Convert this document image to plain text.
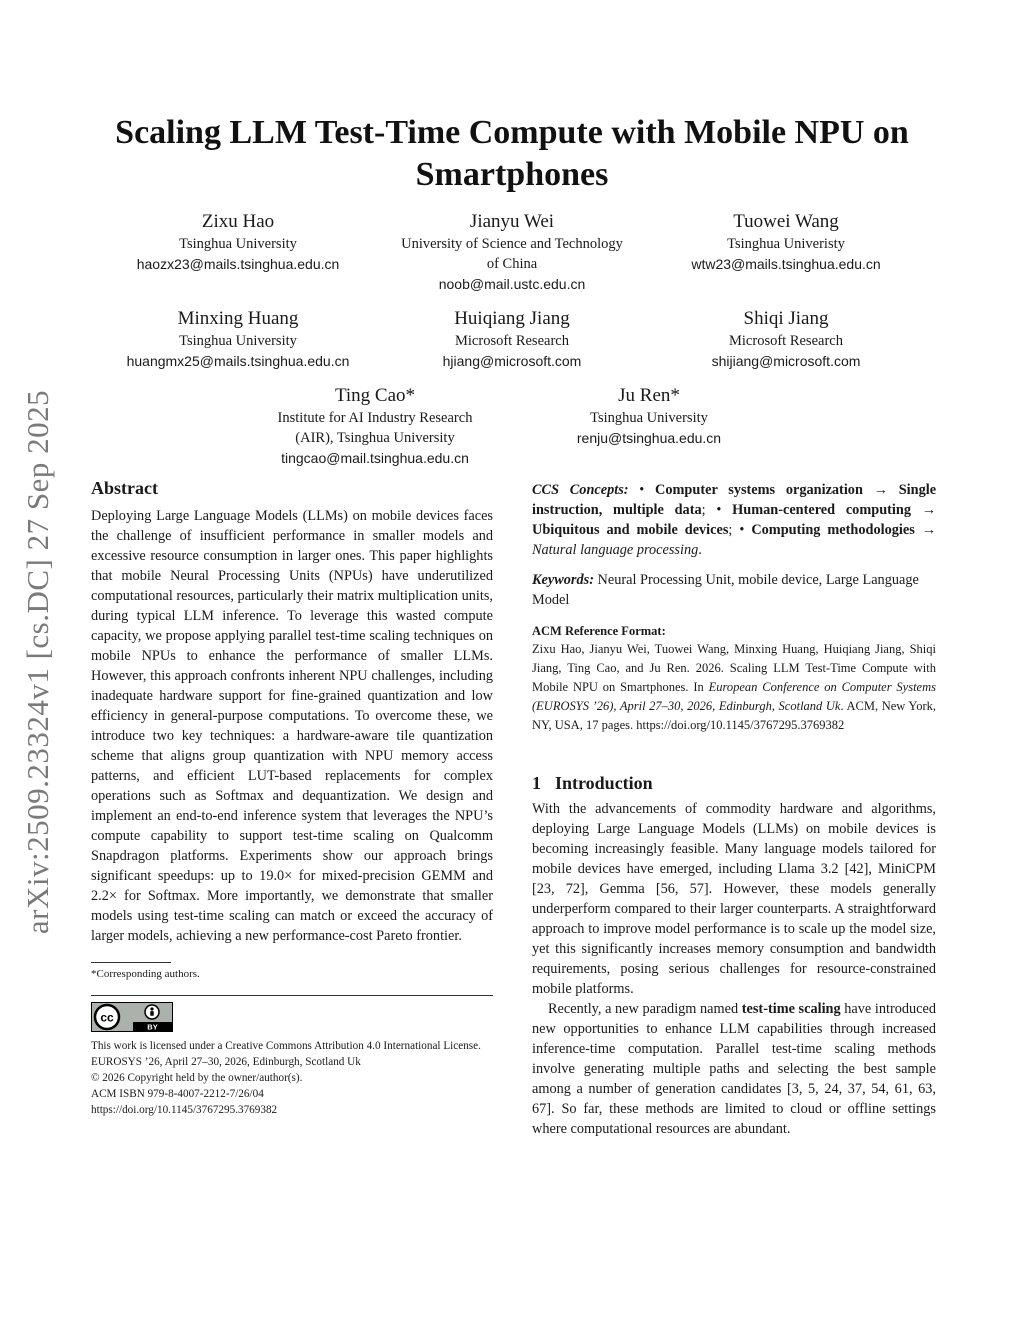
arXiv:2509.23324v1 [cs.DC] 27 Sep 2025
Scaling LLM Test-Time Compute with Mobile NPU on Smartphones
Zixu Hao
Tsinghua University
haozx23@mails.tsinghua.edu.cn
Jianyu Wei
University of Science and Technology
of China
noob@mail.ustc.edu.cn
Tuowei Wang
Tsinghua Univeristy
wtw23@mails.tsinghua.edu.cn
Minxing Huang
Tsinghua University
huangmx25@mails.tsinghua.edu.cn
Huiqiang Jiang
Microsoft Research
hjiang@microsoft.com
Shiqi Jiang
Microsoft Research
shijiang@microsoft.com
Ting Cao*
Institute for AI Industry Research
(AIR), Tsinghua University
tingcao@mail.tsinghua.edu.cn
Ju Ren*
Tsinghua University
renju@tsinghua.edu.cn
Abstract

Deploying Large Language Models (LLMs) on mobile devices faces the challenge of insufficient performance in smaller models and excessive resource consumption in larger ones. This paper highlights that mobile Neural Processing Units (NPUs) have underutilized computational resources, particularly their matrix multiplication units, during typical LLM inference. To leverage this wasted compute capacity, we propose applying parallel test-time scaling techniques on mobile NPUs to enhance the performance of smaller LLMs. However, this approach confronts inherent NPU challenges, including inadequate hardware support for fine-grained quantization and low efficiency in general-purpose computations. To overcome these, we introduce two key techniques: a hardware-aware tile quantization scheme that aligns group quantization with NPU memory access patterns, and efficient LUT-based replacements for complex operations such as Softmax and dequantization. We design and implement an end-to-end inference system that leverages the NPU’s compute capability to support test-time scaling on Qualcomm Snapdragon platforms. Experiments show our approach brings significant speedups: up to 19.0× for mixed-precision GEMM and 2.2× for Softmax. More importantly, we demonstrate that smaller models using test-time scaling can match or exceed the accuracy of larger models, achieving a new performance-cost Pareto frontier.

*Corresponding authors.
cc
BY

This work is licensed under a Creative Commons Attribution 4.0 International License.

EUROSYS ’26, April 27–30, 2026, Edinburgh, Scotland Uk

© 2026 Copyright held by the owner/author(s).

ACM ISBN 979-8-4007-2212-7/26/04

https://doi.org/10.1145/3767295.3769382

CCS Concepts: • Computer systems organization → Single instruction, multiple data; • Human-centered computing → Ubiquitous and mobile devices; • Computing methodologies → Natural language processing.

Keywords: Neural Processing Unit, mobile device, Large Language Model

ACM Reference Format:

Zixu Hao, Jianyu Wei, Tuowei Wang, Minxing Huang, Huiqiang Jiang, Shiqi Jiang, Ting Cao, and Ju Ren. 2026. Scaling LLM Test-Time Compute with Mobile NPU on Smartphones. In European Conference on Computer Systems (EUROSYS ’26), April 27–30, 2026, Edinburgh, Scotland Uk. ACM, New York, NY, USA, 17 pages. https://doi.org/10.1145/3767295.3769382

1 Introduction

With the advancements of commodity hardware and algorithms, deploying Large Language Models (LLMs) on mobile devices is becoming increasingly feasible. Many language models tailored for mobile devices have emerged, including Llama 3.2 [42], MiniCPM [23, 72], Gemma [56, 57]. However, these models generally underperform compared to their larger counterparts. A straightforward approach to improve model performance is to scale up the model size, yet this significantly increases memory consumption and bandwidth requirements, posing serious challenges for resource-constrained mobile platforms.

Recently, a new paradigm named test-time scaling have introduced new opportunities to enhance LLM capabilities through increased inference-time computation. Parallel test-time scaling methods involve generating multiple paths and selecting the best sample among a number of generation candidates [3, 5, 24, 37, 54, 61, 63, 67]. So far, these methods are limited to cloud or offline settings where computational resources are abundant.
